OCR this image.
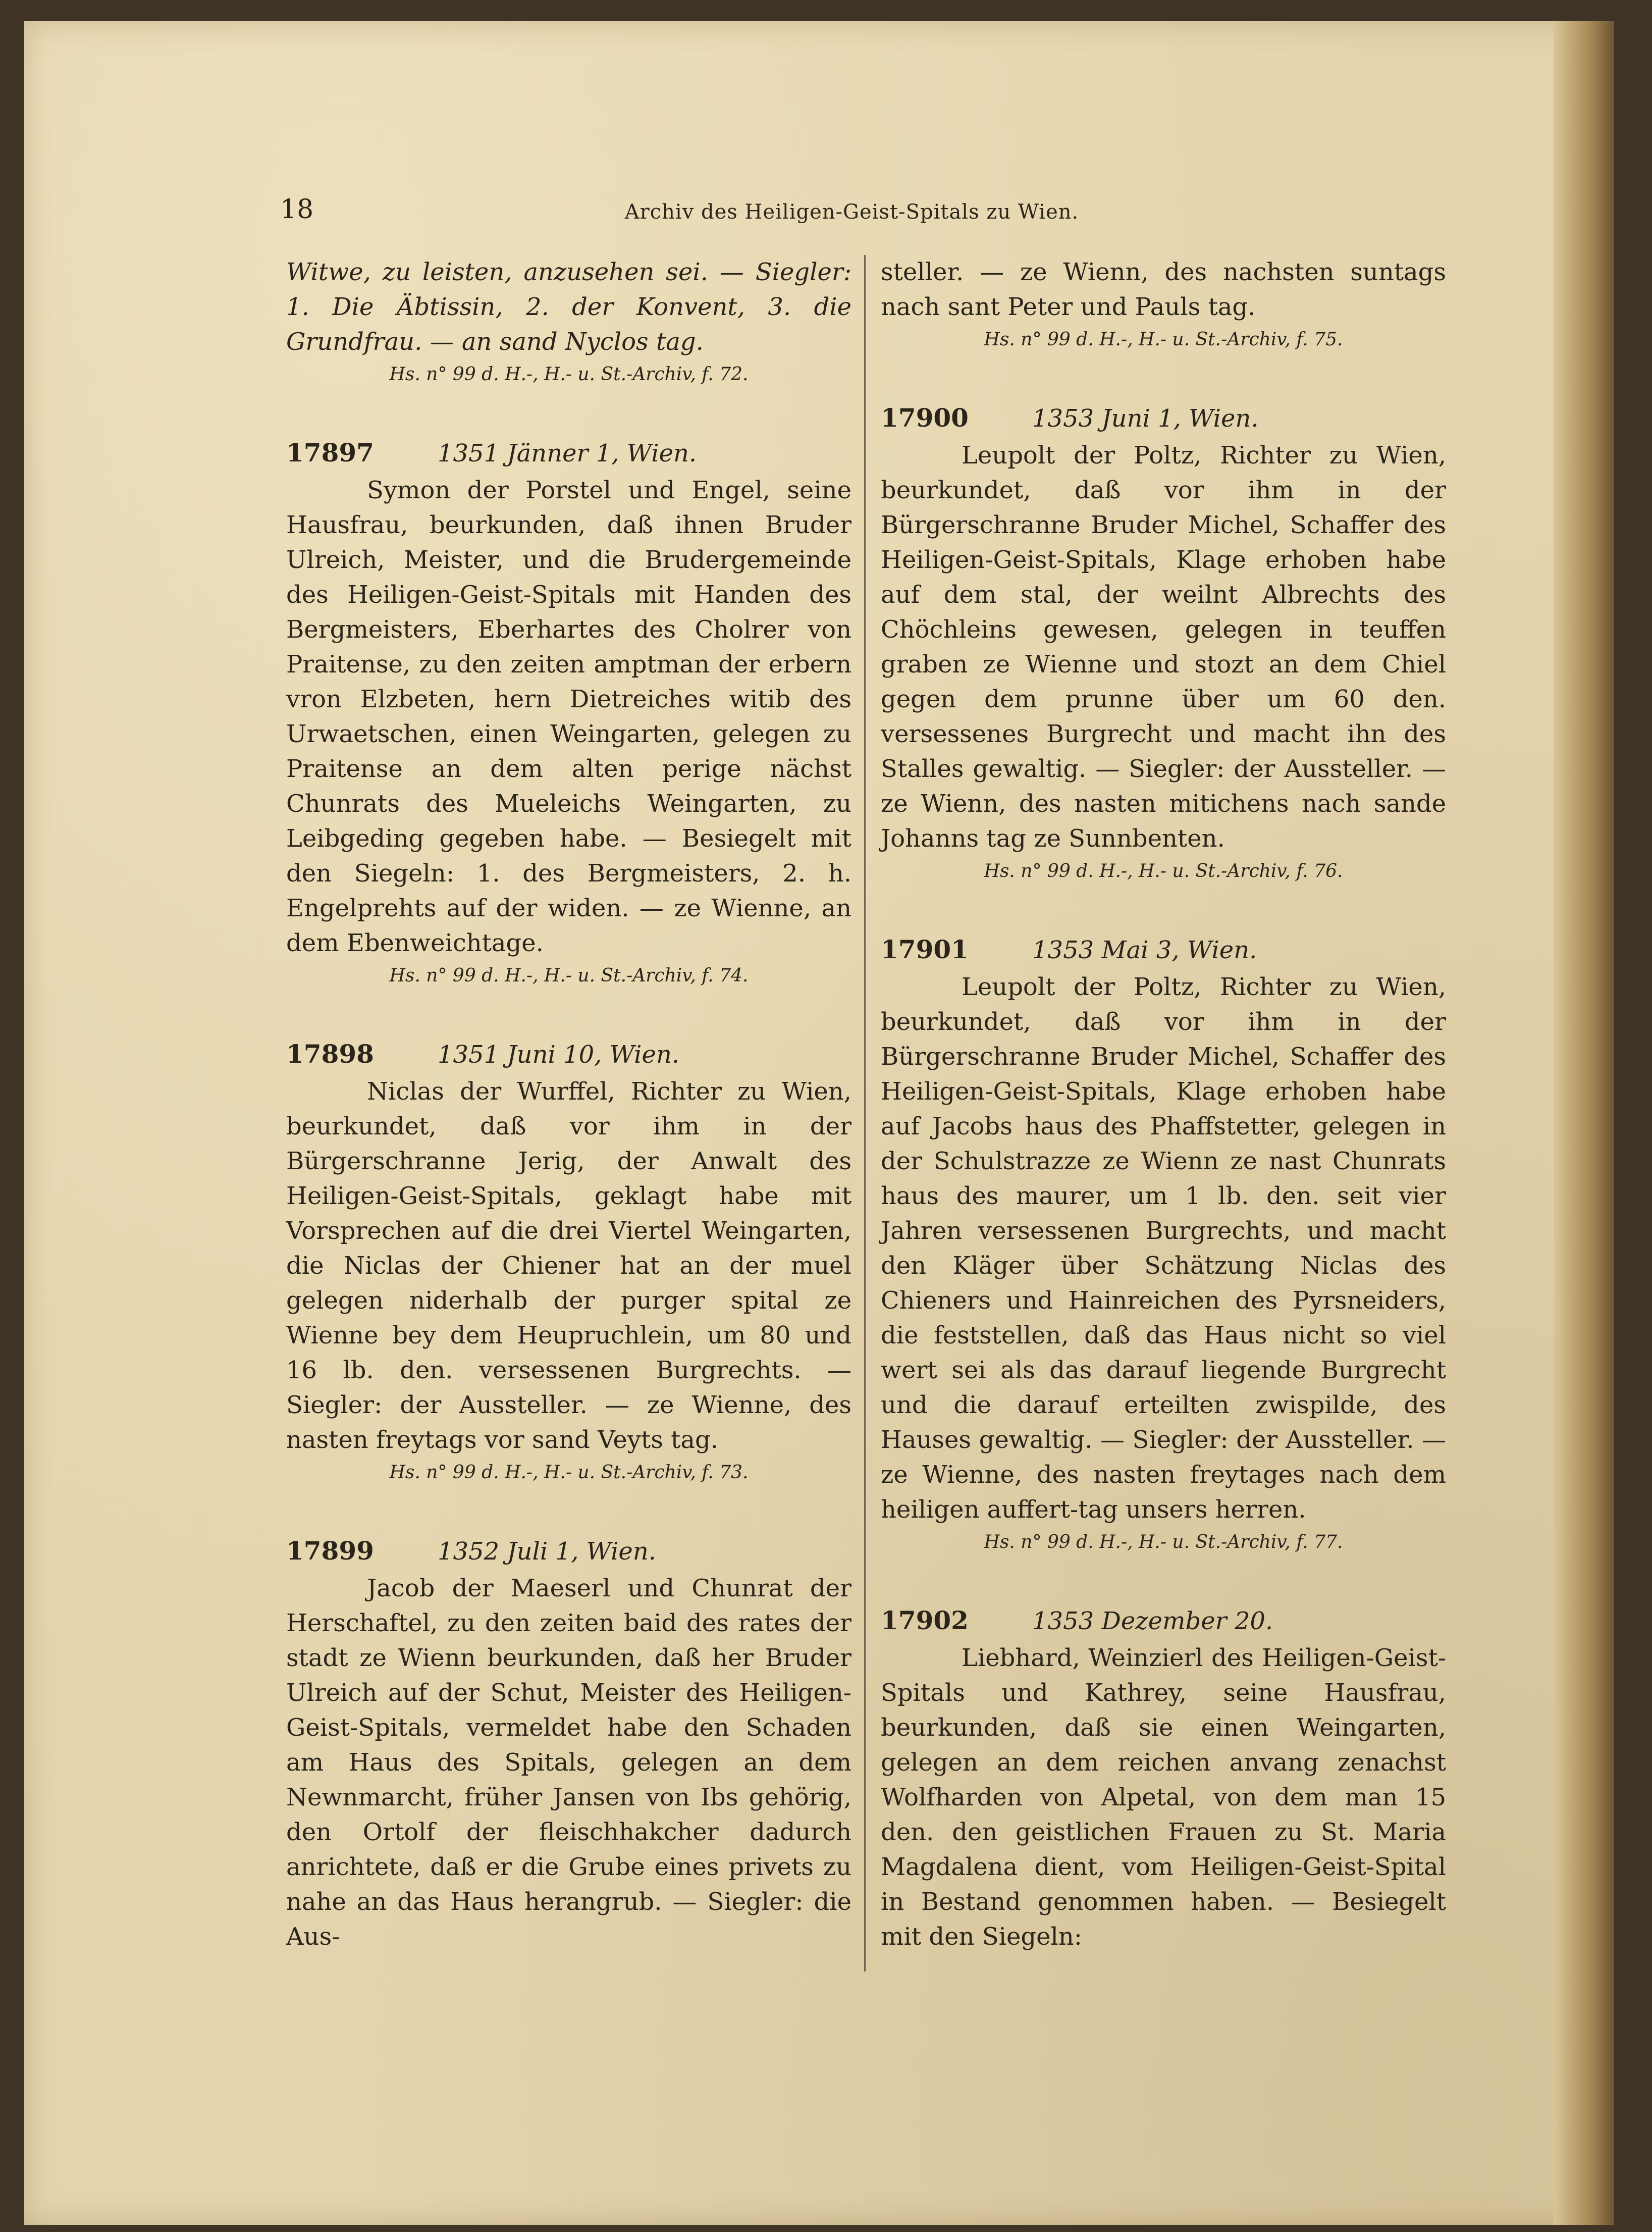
18	Archiv des Heiligen-Geist-Spitals zu Wien.

Witwe, zu leisten, anzusehen sei. — Siegler: 1. Die Äbtissin, 2. der Konvent, 3. die Grundfrau. — an sand Nyclos tag.

Hs. n° 99 d. H.-, H.- u. St.-Archiv, f. 72.

17897	1351 Jänner 1, Wien.

Symon der Porstel und Engel, seine Hausfrau, beurkunden, daß ihnen Bruder Ulreich, Meister, und die Brudergemeinde des Heiligen-Geist-Spitals mit Handen des Bergmeisters, Eberhartes des Cholrer von Praitense, zu den zeiten amptman der erbern vron Elzbeten, hern Dietreiches witib des Urwaetschen, einen Weingarten, gelegen zu Praitense an dem alten perige nächst Chunrats des Mueleichs Weingarten, zu Leibgeding gegeben habe. — Besiegelt mit den Siegeln: 1. des Bergmeisters, 2. h. Engelprehts auf der widen. — ze Wienne, an dem Ebenweichtage.

Hs. n° 99 d. H.-, H.- u. St.-Archiv, f. 74.

17898	1351 Juni 10, Wien.

Niclas der Wurffel, Richter zu Wien, beurkundet, daß vor ihm in der Bürgerschranne Jerig, der Anwalt des Heiligen-Geist-Spitals, geklagt habe mit Vorsprechen auf die drei Viertel Weingarten, die Niclas der Chiener hat an der muel gelegen niderhalb der purger spital ze Wienne bey dem Heupruchlein, um 80 und 16 lb. den. versessenen Burgrechts. — Siegler: der Aussteller. — ze Wienne, des nasten freytags vor sand Veyts tag.

Hs. n° 99 d. H.-, H.- u. St.-Archiv, f. 73.

17899	1352 Juli 1, Wien.

Jacob der Maeserl und Chunrat der Herschaftel, zu den zeiten baid des rates der stadt ze Wienn beurkunden, daß her Bruder Ulreich auf der Schut, Meister des Heiligen-Geist-Spitals, vermeldet habe den Schaden am Haus des Spitals, gelegen an dem Newnmarcht, früher Jansen von Ibs gehörig, den Ortolf der fleischhakcher dadurch anrichtete, daß er die Grube eines privets zu nahe an das Haus herangrub. — Siegler: die Aus-

steller. — ze Wienn, des nachsten suntags nach sant Peter und Pauls tag.

Hs. n° 99 d. H.-, H.- u. St.-Archiv, f. 75.

17900	1353 Juni 1, Wien.

Leupolt der Poltz, Richter zu Wien, beurkundet, daß vor ihm in der Bürgerschranne Bruder Michel, Schaffer des Heiligen-Geist-Spitals, Klage erhoben habe auf dem stal, der weilnt Albrechts des Chöchleins gewesen, gelegen in teuffen graben ze Wienne und stozt an dem Chiel gegen dem prunne über um 60 den. versessenes Burgrecht und macht ihn des Stalles gewaltig. — Siegler: der Aussteller. — ze Wienn, des nasten mitichens nach sande Johanns tag ze Sunnbenten.

Hs. n° 99 d. H.-, H.- u. St.-Archiv, f. 76.

17901	1353 Mai 3, Wien.

Leupolt der Poltz, Richter zu Wien, beurkundet, daß vor ihm in der Bürgerschranne Bruder Michel, Schaffer des Heiligen-Geist-Spitals, Klage erhoben habe auf Jacobs haus des Phaffstetter, gelegen in der Schulstrazze ze Wienn ze nast Chunrats haus des maurer, um 1 lb. den. seit vier Jahren versessenen Burgrechts, und macht den Kläger über Schätzung Niclas des Chieners und Hainreichen des Pyrsneiders, die feststellen, daß das Haus nicht so viel wert sei als das darauf liegende Burgrecht und die darauf erteilten zwispilde, des Hauses gewaltig. — Siegler: der Aussteller. — ze Wienne, des nasten freytages nach dem heiligen auffert-tag unsers herren.

Hs. n° 99 d. H.-, H.- u. St.-Archiv, f. 77.

17902	1353 Dezember 20.

Liebhard, Weinzierl des Heiligen-Geist-Spitals und Kathrey, seine Hausfrau, beurkunden, daß sie einen Weingarten, gelegen an dem reichen anvang zenachst Wolfharden von Alpetal, von dem man 15 den. den geistlichen Frauen zu St. Maria Magdalena dient, vom Heiligen-Geist-Spital in Bestand genommen haben. — Besiegelt mit den Siegeln:
